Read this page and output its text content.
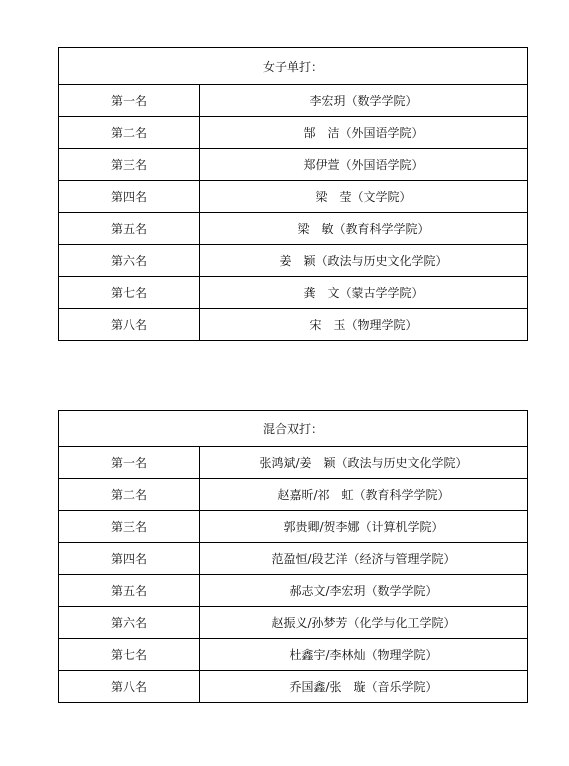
女子单打：	
第一名	李宏玥（数学学院）
第二名	郜　洁（外国语学院）
第三名	郑伊萱（外国语学院）
第四名	梁　莹（文学院）
第五名	梁　敏（教育科学学院）
第六名	姜　颖（政法与历史文化学院）
第七名	龚　文（蒙古学学院）
第八名	宋　玉（物理学院）
混合双打：	
第一名	张鸿斌/姜　颖（政法与历史文化学院）
第二名	赵嘉昕/祁　虹（教育科学学院）
第三名	郭贵卿/贺李娜（计算机学院）
第四名	范盈恒/段艺洋（经济与管理学院）
第五名	郝志文/李宏玥（数学学院）
第六名	赵振义/孙梦芳（化学与化工学院）
第七名	杜鑫宇/李林灿（物理学院）
第八名	乔国鑫/张　璇（音乐学院）
